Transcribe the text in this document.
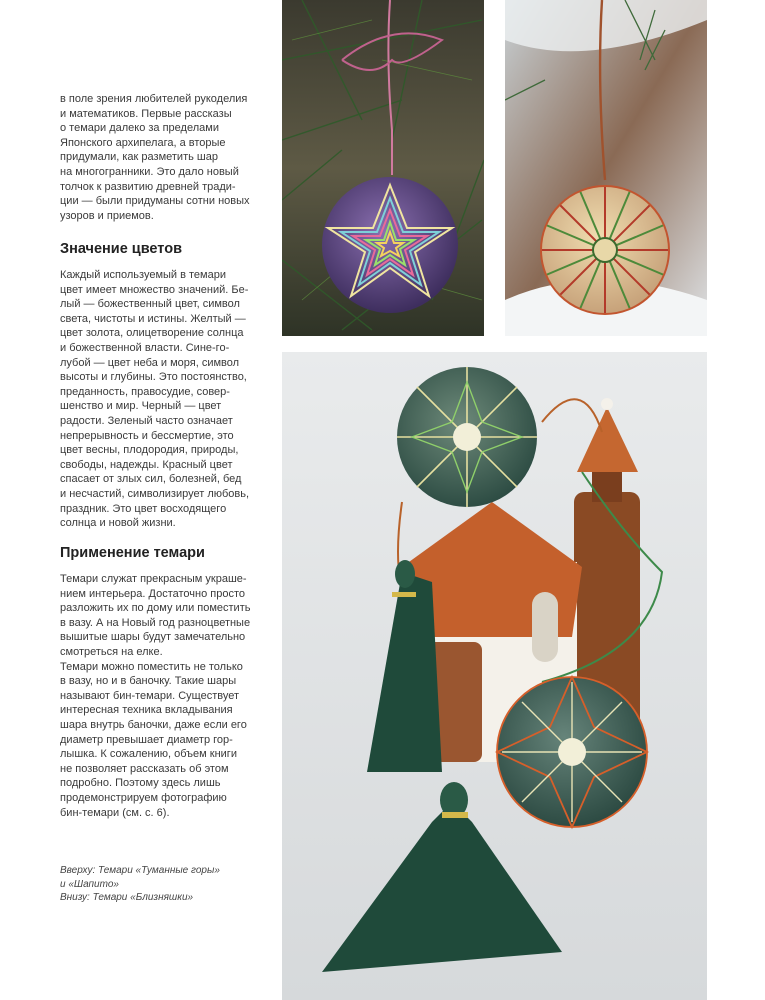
в поле зрения любителей рукоделия
и математиков. Первые рассказы
о темари далеко за пределами
Японского архипелага, а вторые
придумали, как разметить шар
на многогранники. Это дало новый
толчок к развитию древней тради-
ции — были придуманы сотни новых
узоров и приемов.

Значение цветов

Каждый используемый в темари
цвет имеет множество значений. Бе-
лый — божественный цвет, символ
света, чистоты и истины. Желтый —
цвет золота, олицетворение солнца
и божественной власти. Сине-го-
лубой — цвет неба и моря, символ
высоты и глубины. Это постоянство,
преданность, правосудие, совер-
шенство и мир. Черный — цвет
радости. Зеленый часто означает
непрерывность и бессмертие, это
цвет весны, плодородия, природы,
свободы, надежды. Красный цвет
спасает от злых сил, болезней, бед
и несчастий, символизирует любовь,
праздник. Это цвет восходящего
солнца и новой жизни.

Применение темари

Темари служат прекрасным украше-
нием интерьера. Достаточно просто
разложить их по дому или поместить
в вазу. А на Новый год разноцветные
вышитые шары будут замечательно
смотреться на елке.
Темари можно поместить не только
в вазу, но и в баночку. Такие шары
называют бин-темари. Существует
интересная техника вкладывания
шара внутрь баночки, даже если его
диаметр превышает диаметр гор-
лышка. К сожалению, объем книги
не позволяет рассказать об этом
подробно. Поэтому здесь лишь
продемонстрируем фотографию
бин-темари (см. с. 6).

Вверху: Темари «Туманные горы»
и «Шапито»
Внизу: Темари «Близняшки»
